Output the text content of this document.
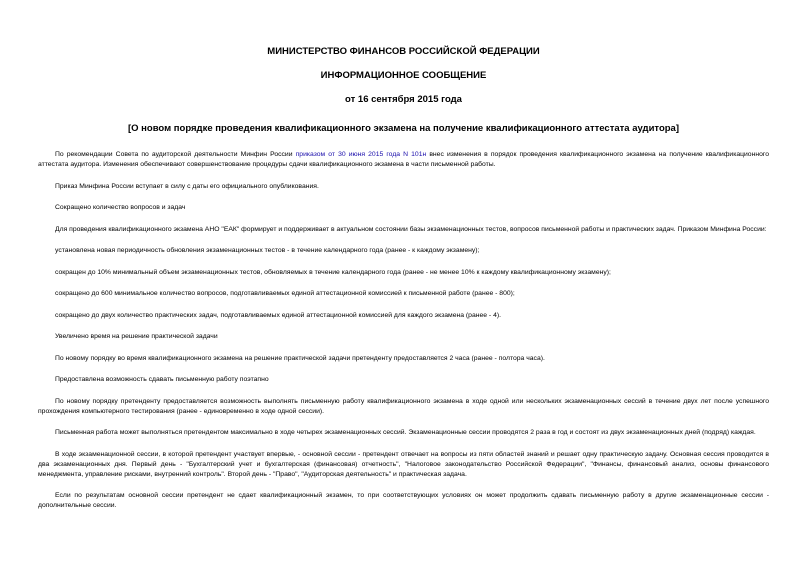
МИНИСТЕРСТВО ФИНАНСОВ РОССИЙСКОЙ ФЕДЕРАЦИИ
ИНФОРМАЦИОННОЕ СООБЩЕНИЕ
от 16 сентября 2015 года
[О новом порядке проведения квалификационного экзамена на получение квалификационного аттестата аудитора]

По рекомендации Совета по аудиторской деятельности Минфин России приказом от 30 июня 2015 года N 101н внес изменения в порядок проведения квалификационного экзамена на получение квалификационного аттестата аудитора. Изменения обеспечивают совершенствование процедуры сдачи квалификационного экзамена в части письменной работы.

Приказ Минфина России вступает в силу с даты его официального опубликования.

Сокращено количество вопросов и задач

Для проведения квалификационного экзамена АНО "ЕАК" формирует и поддерживает в актуальном состоянии базы экзаменационных тестов, вопросов письменной работы и практических задач. Приказом Минфина России:

установлена новая периодичность обновления экзаменационных тестов - в течение календарного года (ранее - к каждому экзамену);

сокращен до 10% минимальный объем экзаменационных тестов, обновляемых в течение календарного года (ранее - не менее 10% к каждому квалификационному экзамену);

сокращено до 600 минимальное количество вопросов, подготавливаемых единой аттестационной комиссией к письменной работе (ранее - 800);

сокращено до двух количество практических задач, подготавливаемых единой аттестационной комиссией для каждого экзамена (ранее - 4).

Увеличено время на решение практической задачи

По новому порядку во время квалификационного экзамена на решение практической задачи претенденту предоставляется 2 часа (ранее - полтора часа).

Предоставлена возможность сдавать письменную работу поэтапно

По новому порядку претенденту предоставляется возможность выполнять письменную работу квалификационного экзамена в ходе одной или нескольких экзаменационных сессий в течение двух лет после успешного прохождения компьютерного тестирования (ранее - единовременно в ходе одной сессии).

Письменная работа может выполняться претендентом максимально в ходе четырех экзаменационных сессий. Экзаменационные сессии проводятся 2 раза в год и состоят из двух экзаменационных дней (подряд) каждая.

В ходе экзаменационной сессии, в которой претендент участвует впервые, - основной сессии - претендент отвечает на вопросы из пяти областей знаний и решает одну практическую задачу. Основная сессия проводится в два экзаменационных дня. Первый день - "Бухгалтерский учет и бухгалтерская (финансовая) отчетность", "Налоговое законодательство Российской Федерации", "Финансы, финансовый анализ, основы финансового менеджмента, управление рисками, внутренний контроль". Второй день - "Право", "Аудиторская деятельность" и практическая задача.

Если по результатам основной сессии претендент не сдает квалификационный экзамен, то при соответствующих условиях он может продолжить сдавать письменную работу в другие экзаменационные сессии - дополнительные сессии.
